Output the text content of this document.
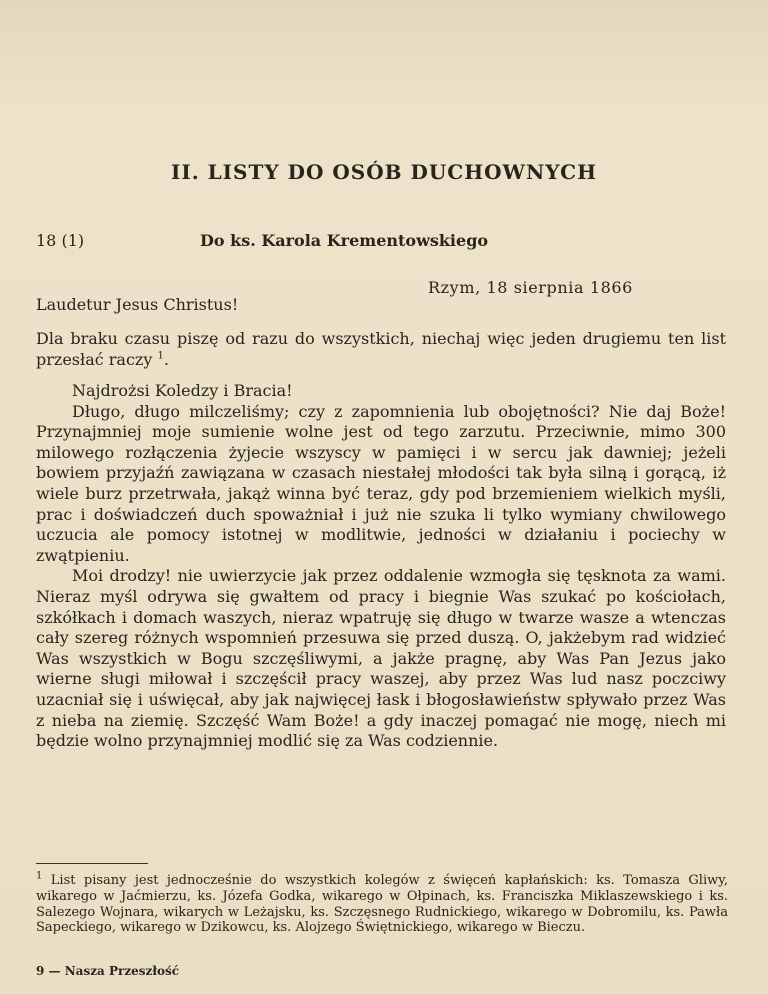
II. LISTY DO OSÓB DUCHOWNYCH
18 (1)	Do ks. Karola Krementowskiego
Rzym, 18 sierpnia 1866
Laudetur Jesus Christus!

Dla braku czasu piszę od razu do wszystkich, niechaj więc jeden drugiemu ten list przesłać raczy $^1$.

Najdrożsi Koledzy i Bracia!

Długo, długo milczeliśmy; czy z zapomnienia lub obojętności? Nie daj Boże! Przynajmniej moje sumienie wolne jest od tego zarzutu. Przeciwnie, mimo 300 milowego rozłączenia żyjecie wszyscy w pamięci i w sercu jak dawniej; jeżeli bowiem przyjaźń zawiązana w czasach niestałej młodości tak była silną i gorącą, iż wiele burz przetrwała, jakąż winna być teraz, gdy pod brzemieniem wielkich myśli, prac i doświadczeń duch spoważniał i już nie szuka li tylko wymiany chwilowego uczucia ale pomocy istotnej w modlitwie, jedności w działaniu i pociechy w zwątpieniu.

Moi drodzy! nie uwierzycie jak przez oddalenie wzmogła się tęsknota za wami. Nieraz myśl odrywa się gwałtem od pracy i biegnie Was szukać po kościołach, szkółkach i domach waszych, nieraz wpatruję się długo w twarze wasze a wtenczas cały szereg różnych wspomnień przesuwa się przed duszą. O, jakżebym rad widzieć Was wszystkich w Bogu szczęśliwymi, a jakże pragnę, aby Was Pan Jezus jako wierne sługi miłował i szczęścił pracy waszej, aby przez Was lud nasz poczciwy uzacniał się i uświęcał, aby jak najwięcej łask i błogosławieństw spływało przez Was z nieba na ziemię. Szczęść Wam Boże! a gdy inaczej pomagać nie mogę, niech mi będzie wolno przynajmniej modlić się za Was codziennie.

$^1$ List pisany jest jednocześnie do wszystkich kolegów z święceń kapłańskich: ks. Tomasza Gliwy, wikarego w Jaćmierzu, ks. Józefa Godka, wikarego w Ołpinach, ks. Franciszka Miklaszewskiego i ks. Salezego Wojnara, wikarych w Leżajsku, ks. Szczęsnego Rudnickiego, wikarego w Dobromilu, ks. Pawła Sapeckiego, wikarego w Dzikowcu, ks. Alojzego Świętnickiego, wikarego w Bieczu.
9 — Nasza Przeszłość
